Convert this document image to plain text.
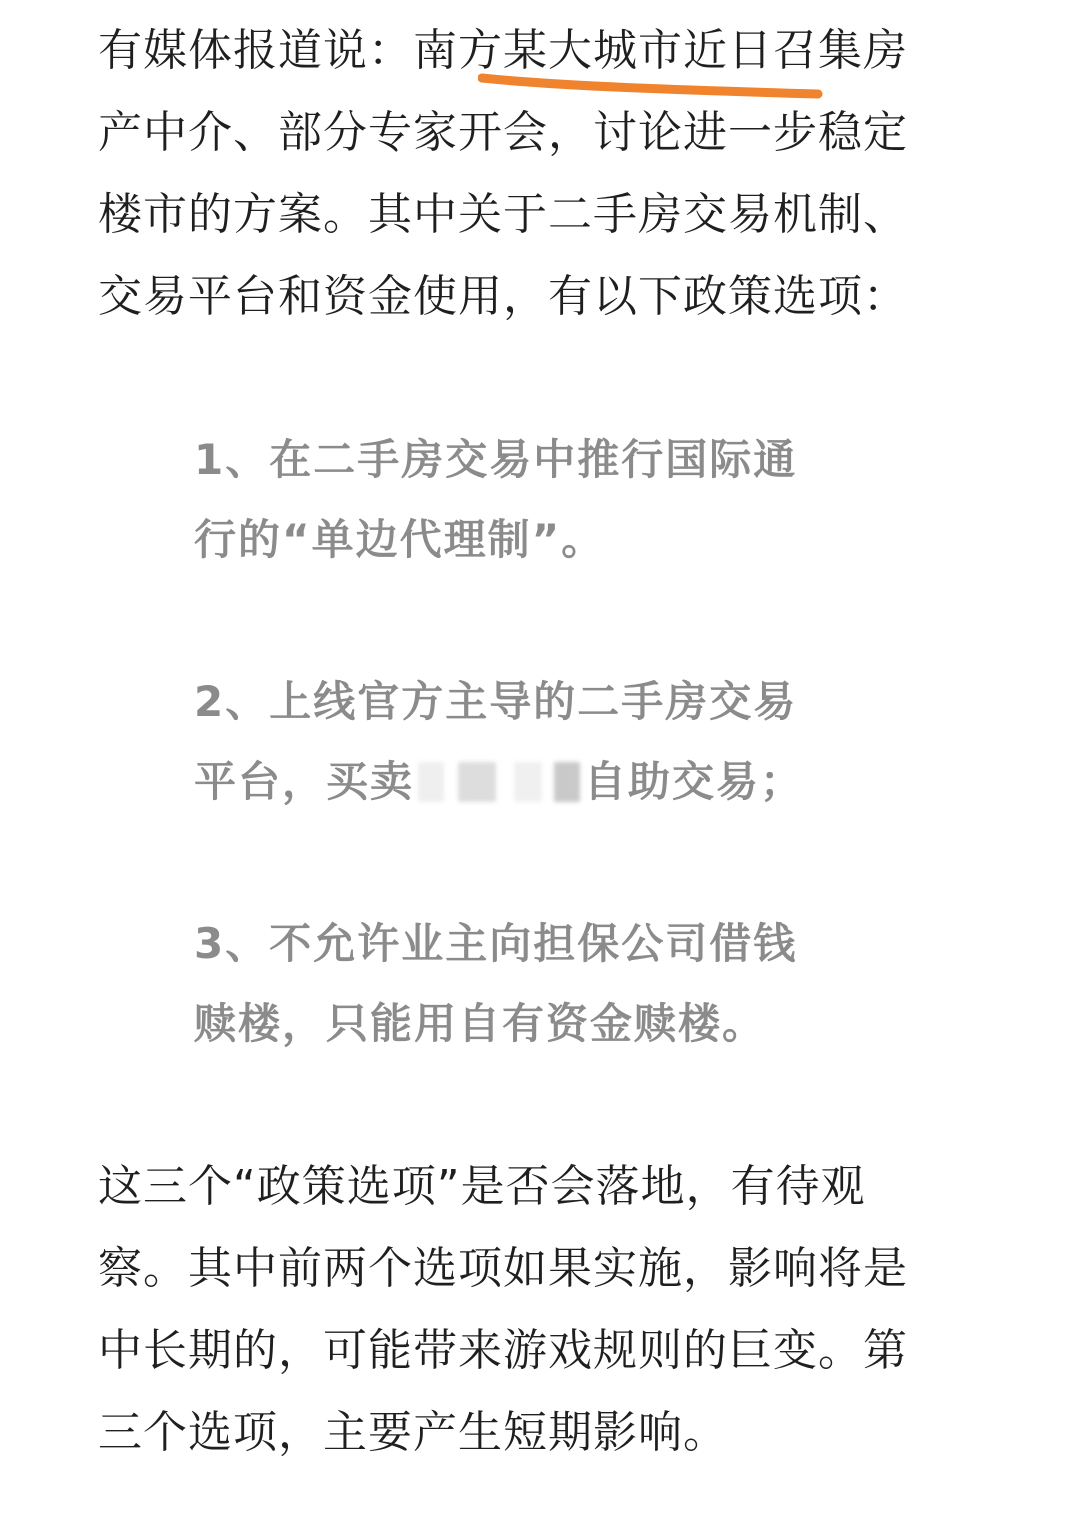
有媒体报道说：南方某大城市近日召集房
产中介、部分专家开会，讨论进一步稳定
楼市的方案。其中关于二手房交易机制、
交易平台和资金使用，有以下政策选项：
1、在二手房交易中推行国际通
行的“单边代理制”。
2、上线官方主导的二手房交易
平台，买卖	自助交易；
3、不允许业主向担保公司借钱
赎楼，只能用自有资金赎楼。
这三个“政策选项”是否会落地，有待观
察。其中前两个选项如果实施，影响将是
中长期的，可能带来游戏规则的巨变。第
三个选项，主要产生短期影响。
